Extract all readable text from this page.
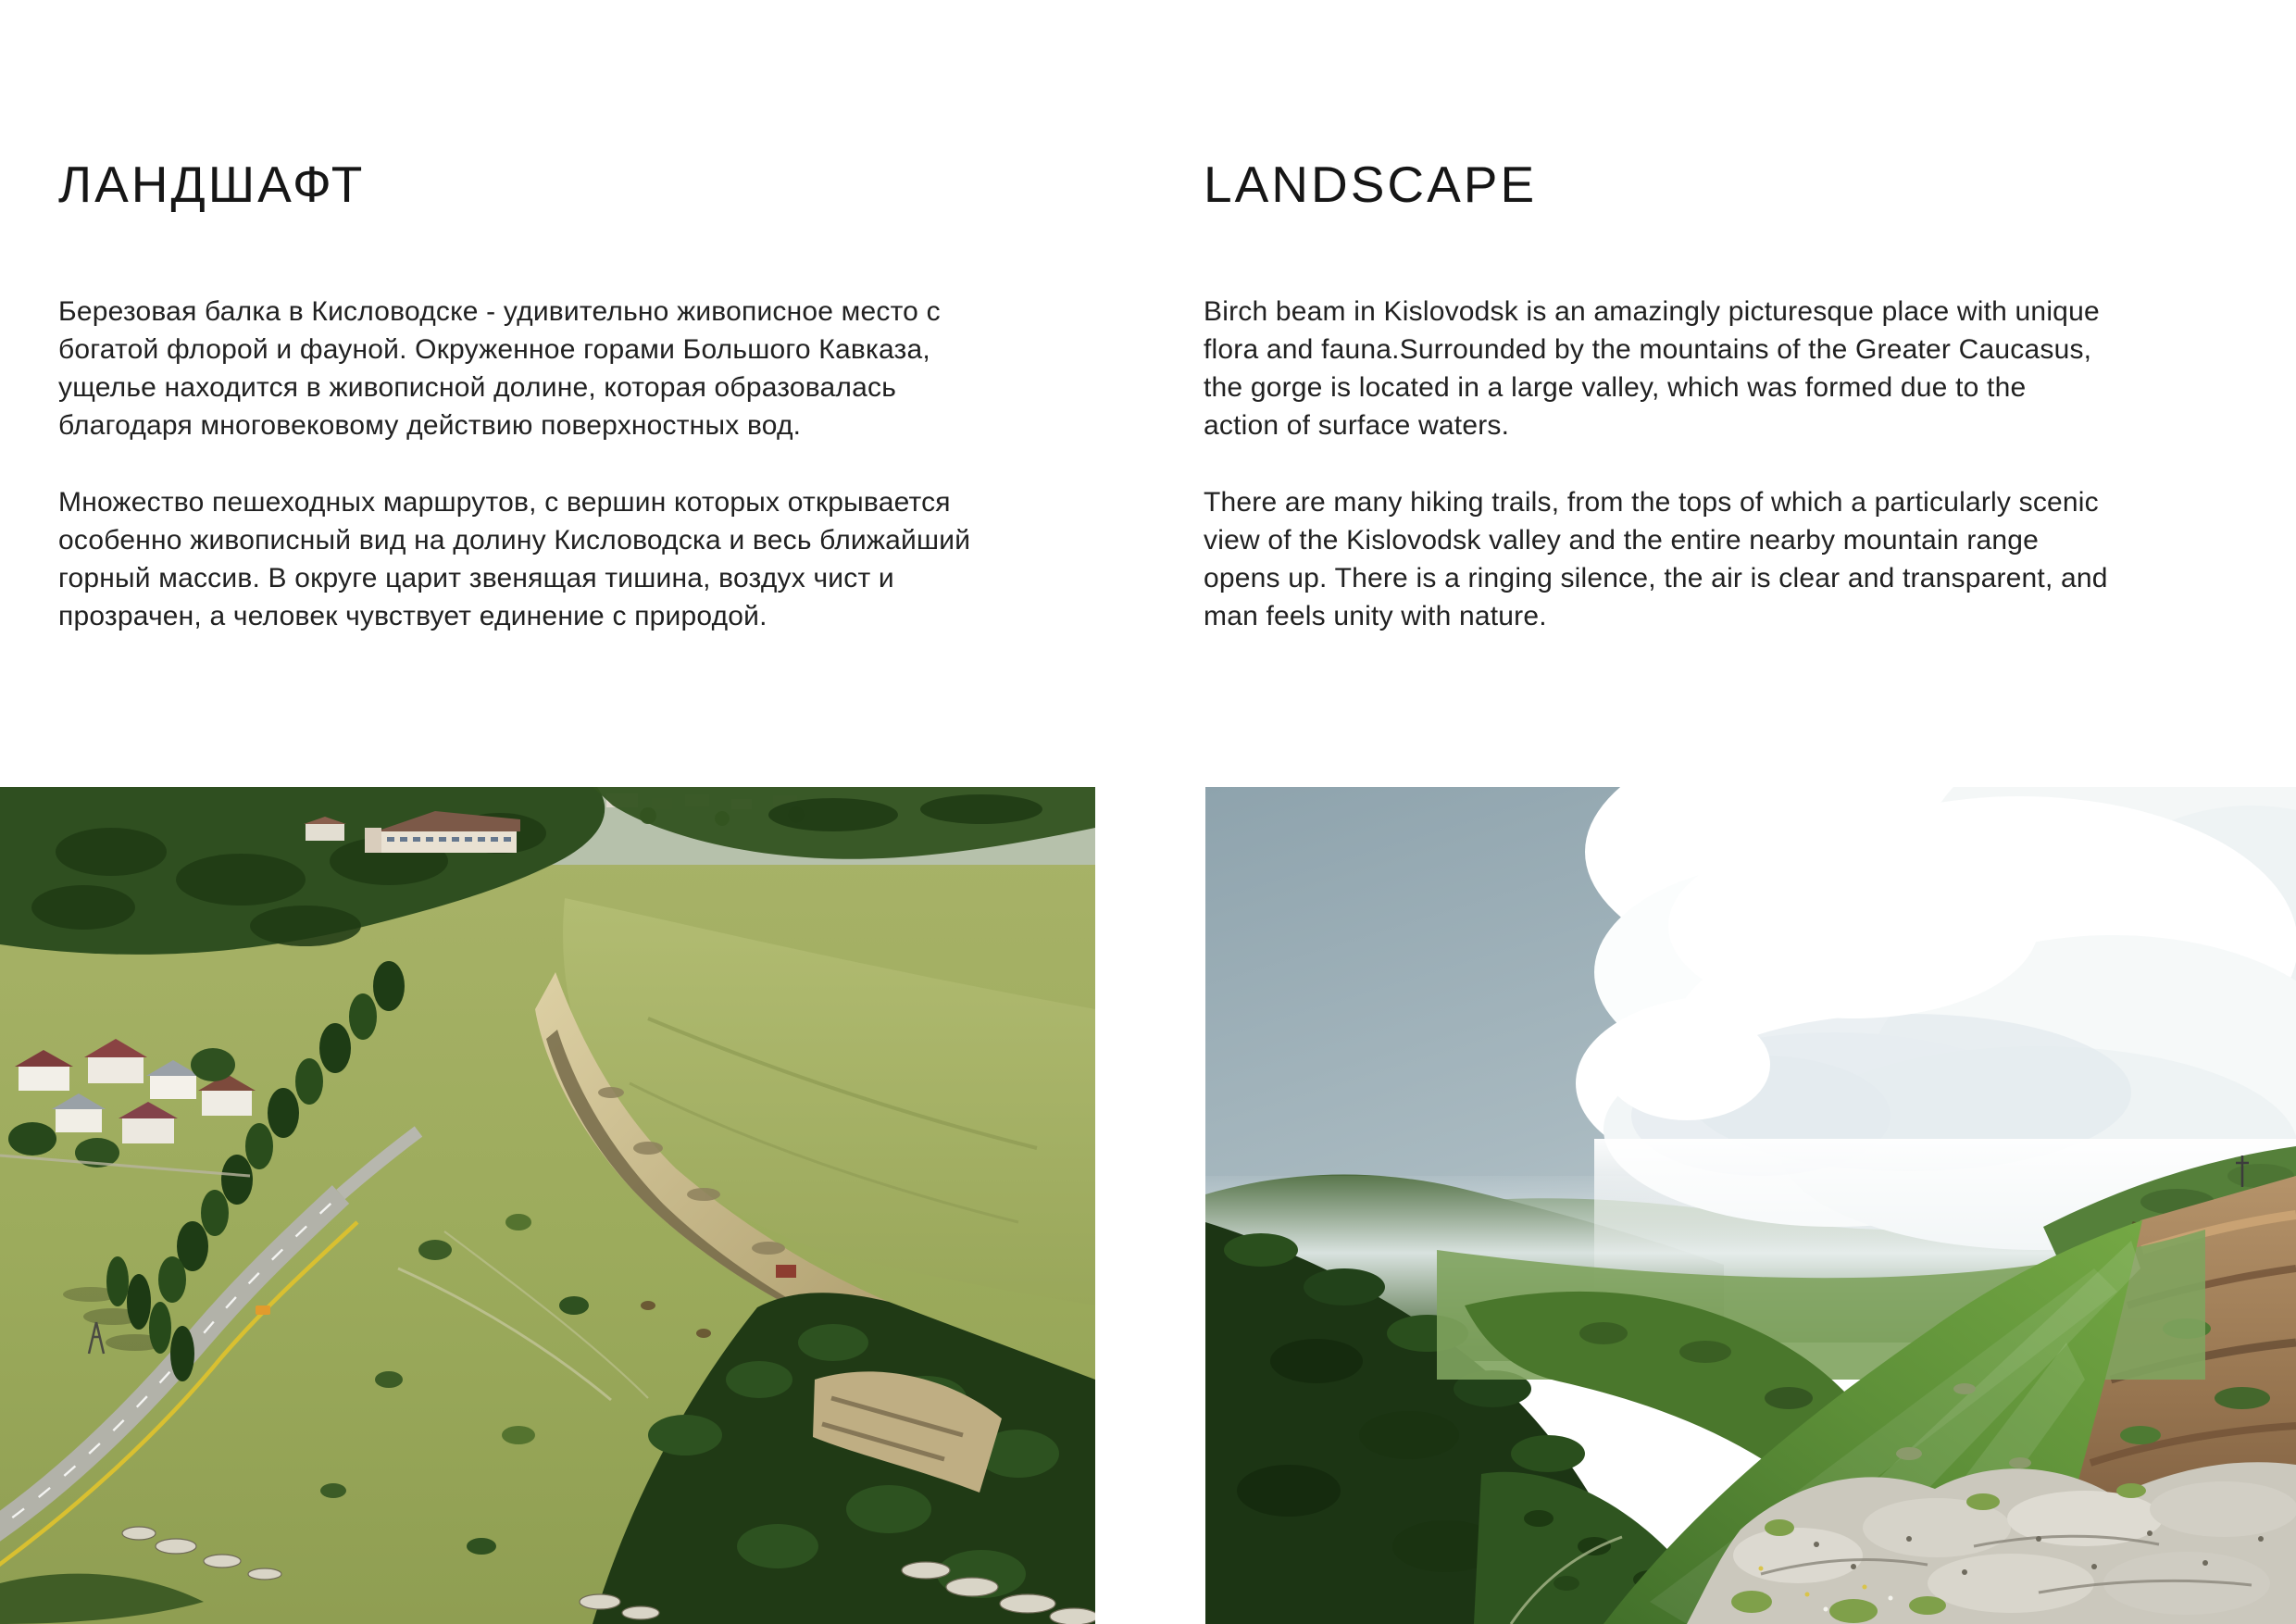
ЛАНДШАФТ

Березовая балка в Кисловодске - удивительно живописное место с
богатой флорой и фауной. Окруженное горами Большого Кавказа,
ущелье находится в живописной долине, которая образовалась
благодаря многовековому действию поверхностных вод.

Множество пешеходных маршрутов, с вершин которых открывается
особенно живописный вид на долину Кисловодска и весь ближайший
горный массив. В округе царит звенящая тишина, воздух чист и
прозрачен, а человек чувствует единение с природой.

LANDSCAPE

Birch beam in Kislovodsk is an amazingly picturesque place with unique
flora and fauna.Surrounded by the mountains of the Greater Caucasus,
the gorge is located in a large valley, which was formed due to the
action of surface waters.

There are many hiking trails, from the tops of which a particularly scenic
view of the Kislovodsk valley and the entire nearby mountain range
opens up. There is a ringing silence, the air is clear and transparent, and
man feels unity with nature.
